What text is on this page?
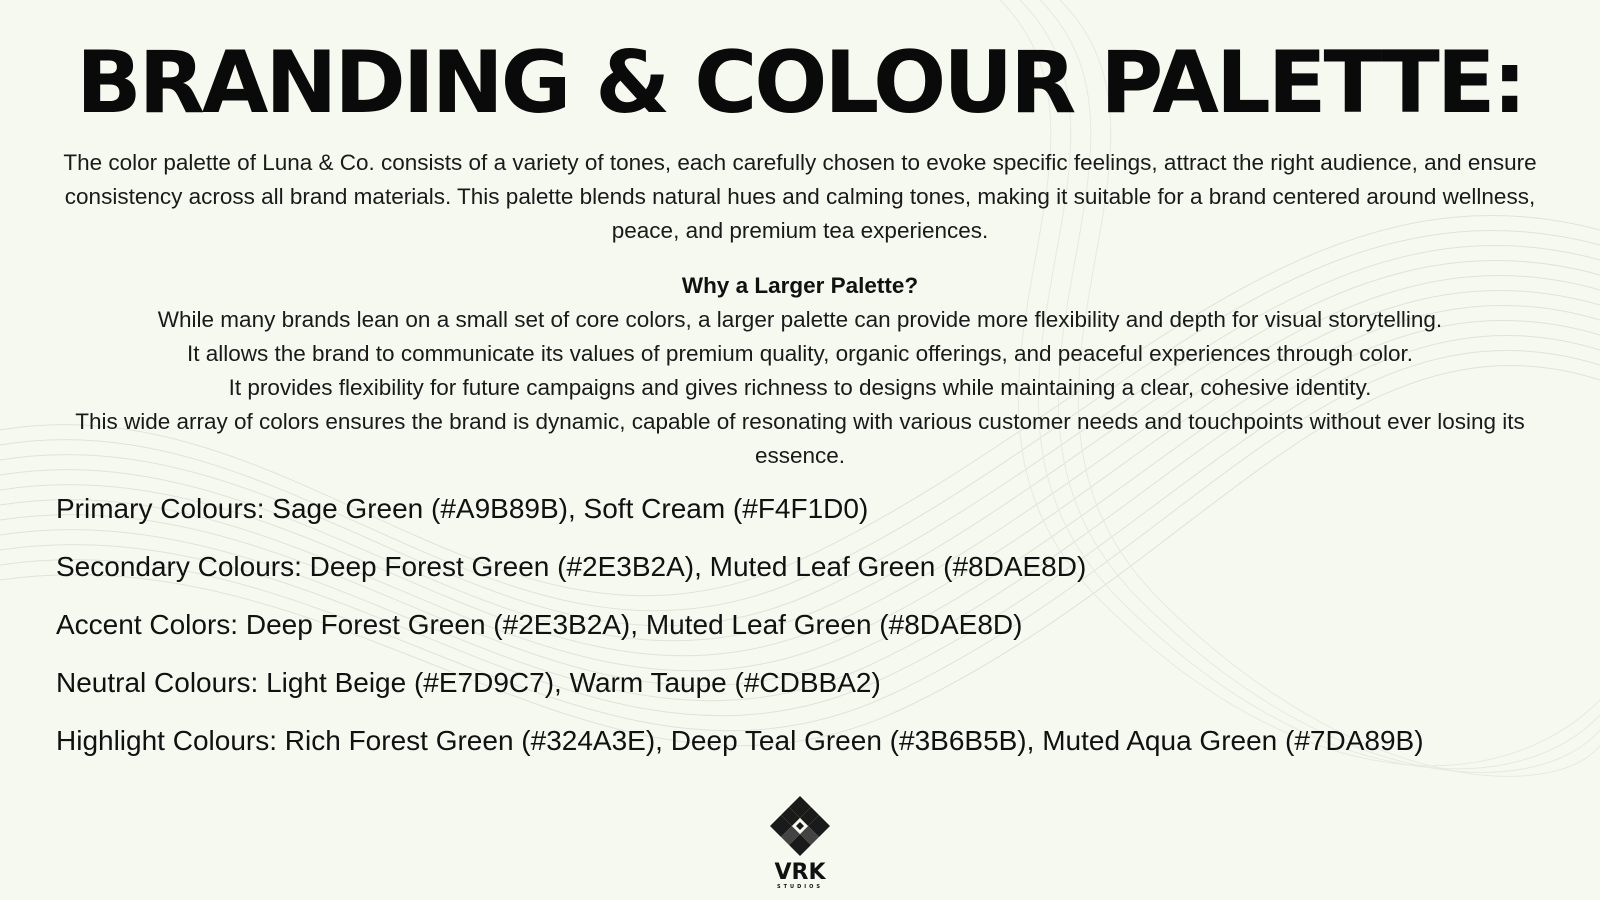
BRANDING & COLOUR PALETTE:
The color palette of Luna & Co. consists of a variety of tones, each carefully chosen to evoke specific feelings, attract the right audience, and ensure consistency across all brand materials. This palette blends natural hues and calming tones, making it suitable for a brand centered around wellness, peace, and premium tea experiences.
Why a Larger Palette?

While many brands lean on a small set of core colors, a larger palette can provide more flexibility and depth for visual storytelling.

It allows the brand to communicate its values of premium quality, organic offerings, and peaceful experiences through color.

It provides flexibility for future campaigns and gives richness to designs while maintaining a clear, cohesive identity.

This wide array of colors ensures the brand is dynamic, capable of resonating with various customer needs and touchpoints without ever losing its essence.

Primary Colours: Sage Green (#A9B89B), Soft Cream (#F4F1D0)
Secondary Colours: Deep Forest Green (#2E3B2A), Muted Leaf Green (#8DAE8D)
Accent Colors: Deep Forest Green (#2E3B2A), Muted Leaf Green (#8DAE8D)
Neutral Colours: Light Beige (#E7D9C7), Warm Taupe (#CDBBA2)
Highlight Colours: Rich Forest Green (#324A3E), Deep Teal Green (#3B6B5B), Muted Aqua Green (#7DA89B)
VRK
STUDIOS
